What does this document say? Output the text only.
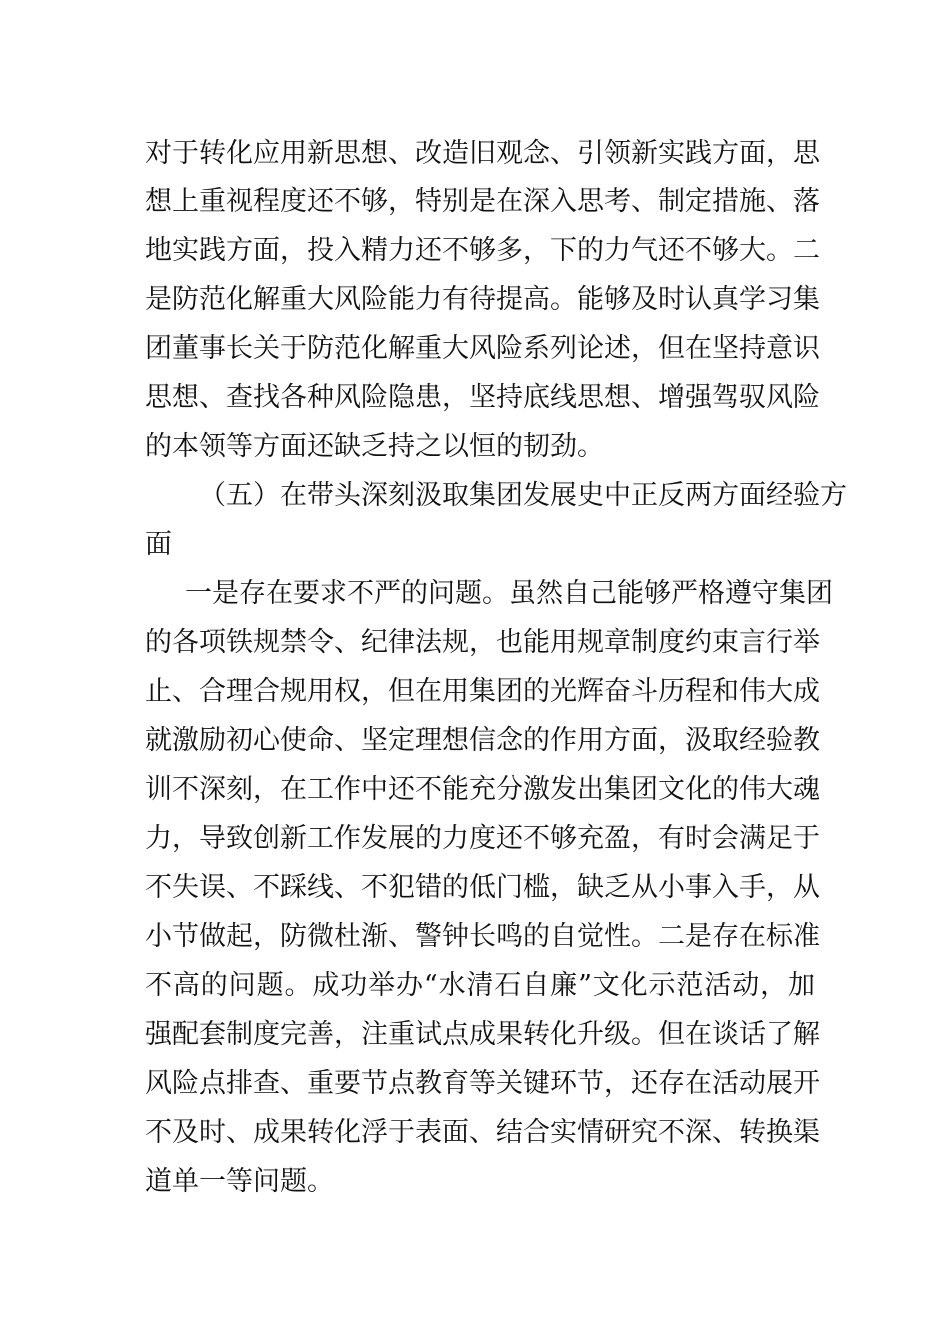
对于转化应用新思想、改造旧观念、引领新实践方面，思
想上重视程度还不够，特别是在深入思考、制定措施、落
地实践方面，投入精力还不够多，下的力气还不够大。二
是防范化解重大风险能力有待提高。能够及时认真学习集
团董事长关于防范化解重大风险系列论述，但在坚持意识
思想、查找各种风险隐患，坚持底线思想、增强驾驭风险
的本领等方面还缺乏持之以恒的韧劲。
（五）在带头深刻汲取集团发展史中正反两方面经验方
面
一是存在要求不严的问题。虽然自己能够严格遵守集团
的各项铁规禁令、纪律法规，也能用规章制度约束言行举
止、合理合规用权，但在用集团的光辉奋斗历程和伟大成
就激励初心使命、坚定理想信念的作用方面，汲取经验教
训不深刻，在工作中还不能充分激发出集团文化的伟大魂
力，导致创新工作发展的力度还不够充盈，有时会满足于
不失误、不踩线、不犯错的低门槛，缺乏从小事入手，从
小节做起，防微杜渐、警钟长鸣的自觉性。二是存在标准
不高的问题。成功举办“水清石自廉”文化示范活动，加
强配套制度完善，注重试点成果转化升级。但在谈话了解
风险点排查、重要节点教育等关键环节，还存在活动展开
不及时、成果转化浮于表面、结合实情研究不深、转换渠
道单一等问题。
